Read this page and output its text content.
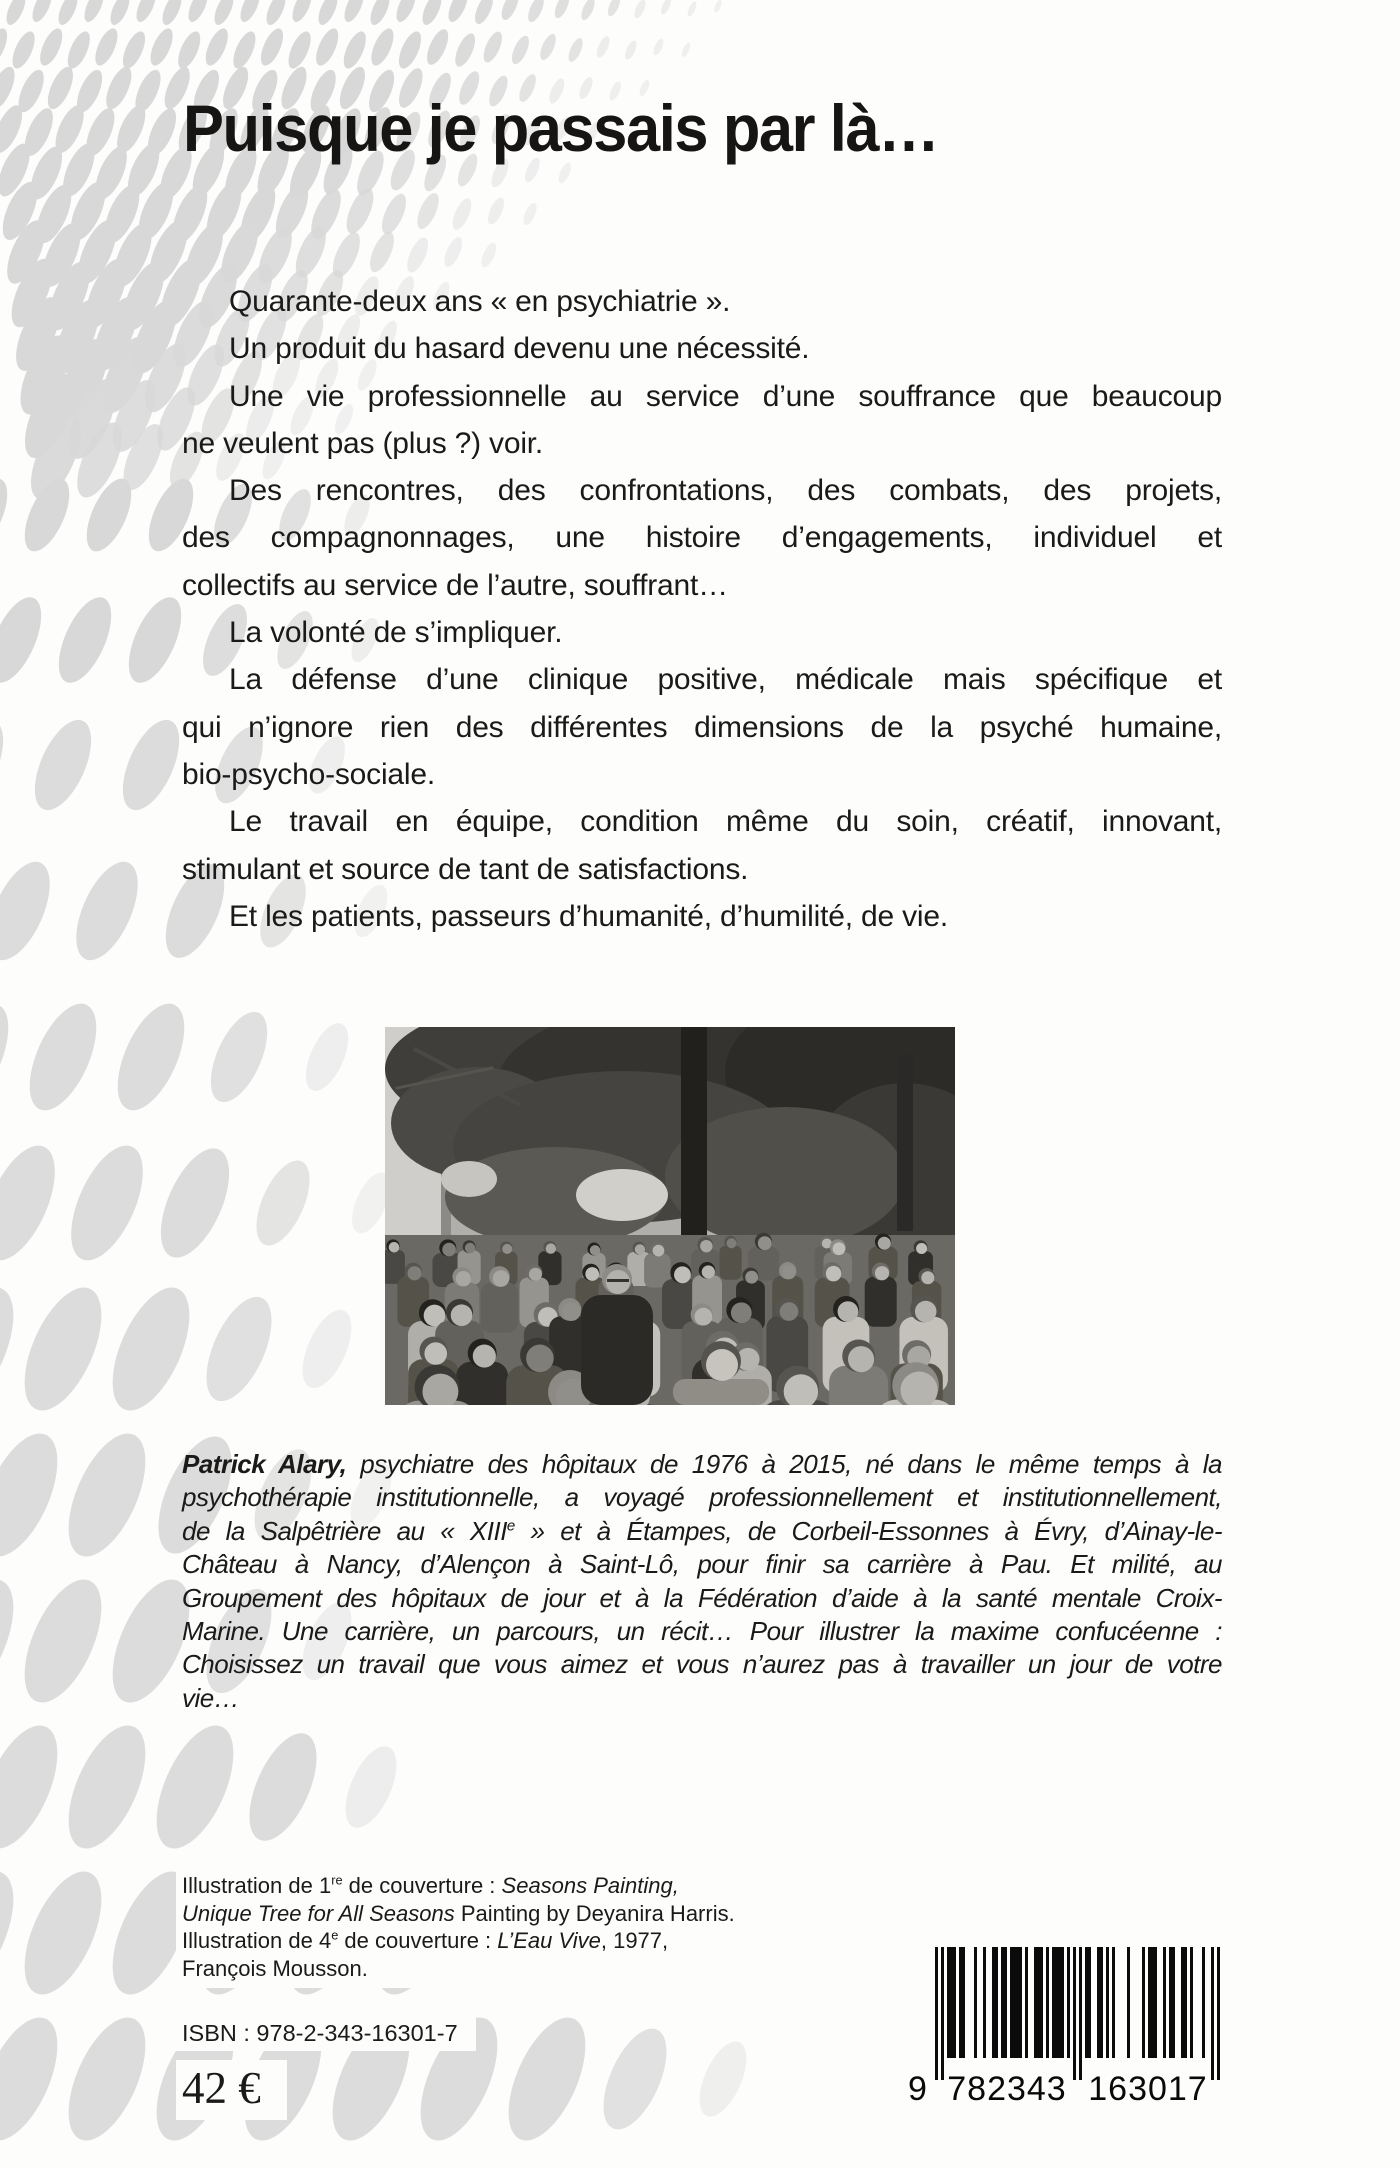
Puisque je passais par là…
Quarante-deux ans « en psychiatrie ».
Un produit du hasard devenu une nécessité.
Une vie professionnelle au service d’une souffrance que beaucoup
ne veulent pas (plus ?) voir.
Des rencontres, des confrontations, des combats, des projets,
des compagnonnages, une histoire d’engagements, individuel et
collectifs au service de l’autre, souffrant…
La volonté de s’impliquer.
La défense d’une clinique positive, médicale mais spécifique et
qui n’ignore rien des différentes dimensions de la psyché humaine,
bio-psycho-sociale.
Le travail en équipe, condition même du soin, créatif, innovant,
stimulant et source de tant de satisfactions.
Et les patients, passeurs d’humanité, d’humilité, de vie.
Patrick Alary, psychiatre des hôpitaux de 1976 à 2015, né dans le même temps à la
psychothérapie institutionnelle, a voyagé professionnellement et institutionnellement,
de la Salpêtrière au « XIIIe » et à Étampes, de Corbeil-Essonnes à Évry, d’Ainay-le-
Château à Nancy, d’Alençon à Saint-Lô, pour finir sa carrière à Pau. Et milité, au
Groupement des hôpitaux de jour et à la Fédération d’aide à la santé mentale Croix-
Marine. Une carrière, un parcours, un récit… Pour illustrer la maxime confucéenne :
Choisissez un travail que vous aimez et vous n’aurez pas à travailler un jour de votre
vie…
Illustration de 1re de couverture : Seasons Painting,
Unique Tree for All Seasons Painting by Deyanira Harris.
Illustration de 4e de couverture : L’Eau Vive, 1977,
François Mousson.
ISBN : 978-2-343-16301-7
42 €	9 782343 163017
